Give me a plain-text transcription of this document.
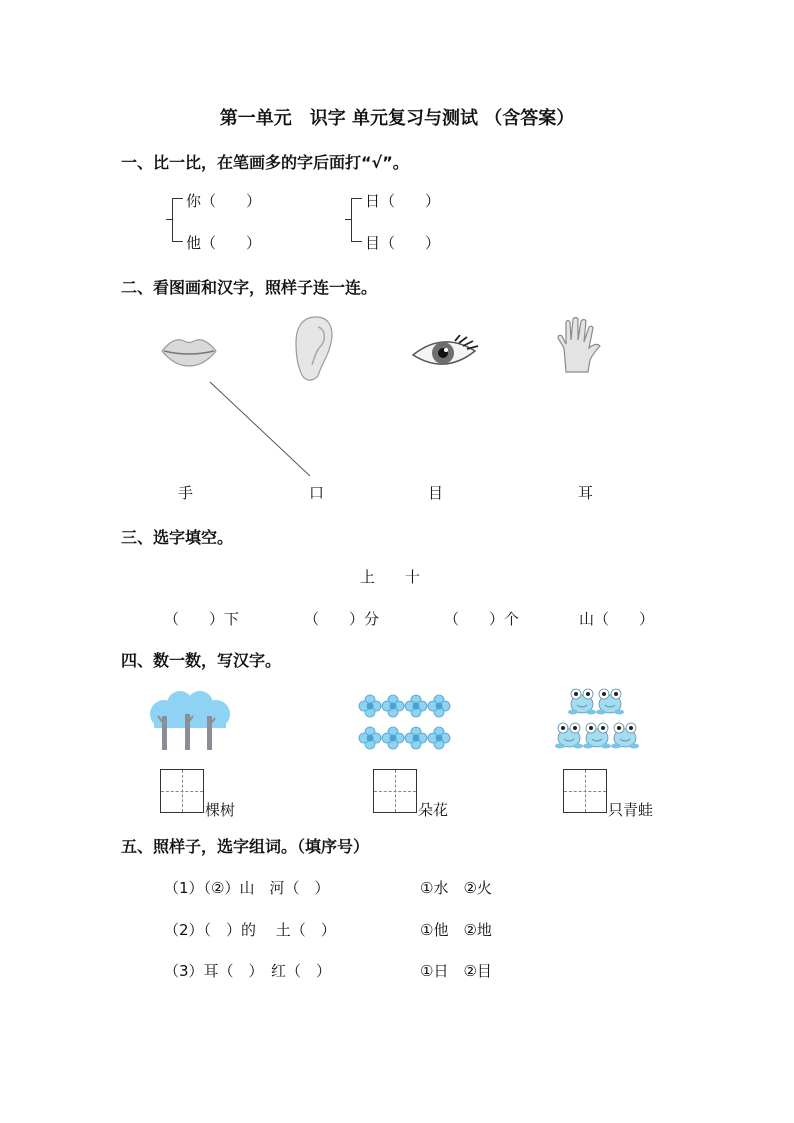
第一单元　识字 单元复习与测试 （含答案）
一、比一比，在笔画多的字后面打“√”。
你（　　）
他（　　）
日（　　）
目（　　）
二、看图画和汉字，照样子连一连。
手	口	目	耳
三、选字填空。
上　　十
（　　）下	（　　）分	（　　）个	山（　　）
四、数一数，写汉字。
棵树	朵花	只青蛙
五、照样子，选字组词。（填序号）
（1）（②）山　河（　）	①水　②火
（2）（　）的　 土（　）	①他　②地
（3）耳（　）　红（　）	①日　②目
